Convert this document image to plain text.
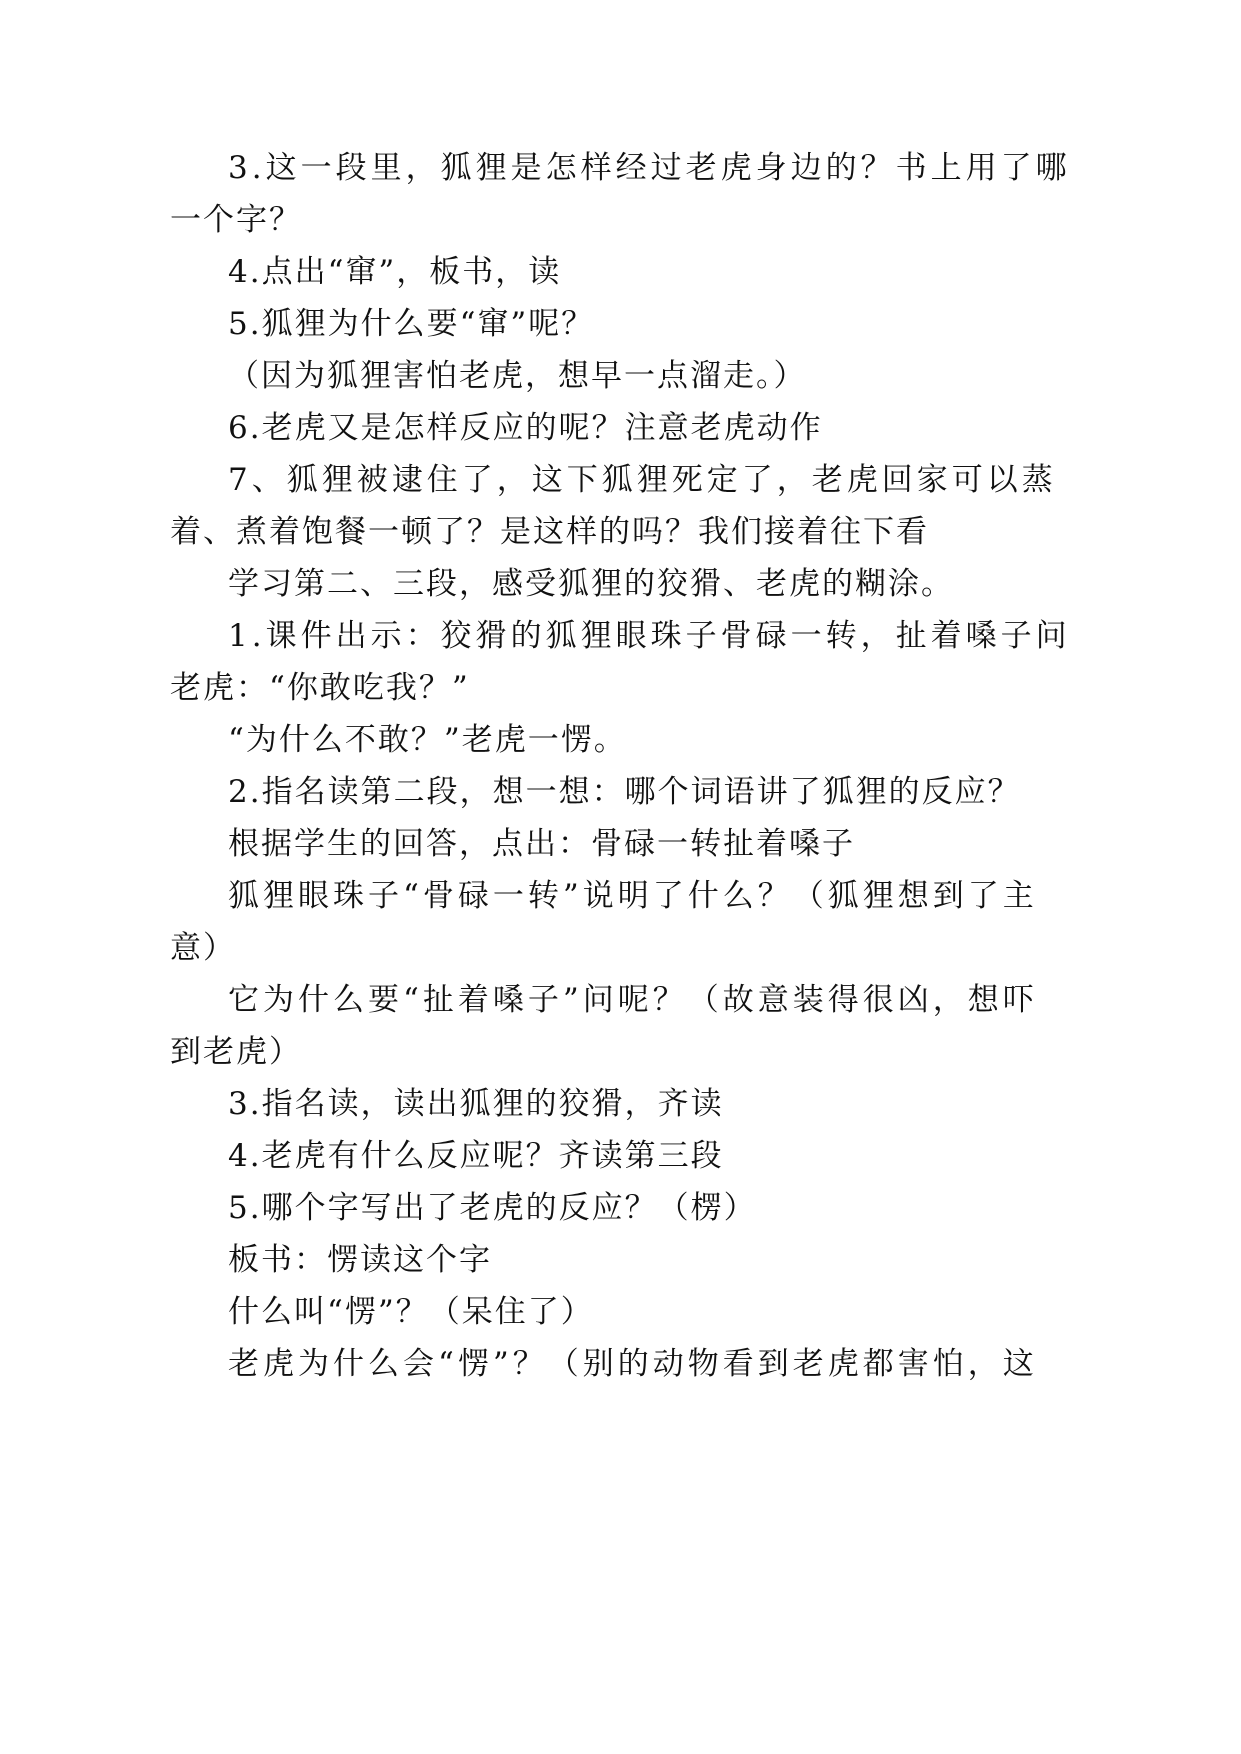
3.这一段里，狐狸是怎样经过老虎身边的？书上用了哪
一个字？
4.点出“窜”，板书，读
5.狐狸为什么要“窜”呢？
（因为狐狸害怕老虎，想早一点溜走。）
6.老虎又是怎样反应的呢？注意老虎动作
7、狐狸被逮住了，这下狐狸死定了，老虎回家可以蒸
着、煮着饱餐一顿了？是这样的吗？我们接着往下看
学习第二、三段，感受狐狸的狡猾、老虎的糊涂。
1.课件出示：狡猾的狐狸眼珠子骨碌一转，扯着嗓子问
老虎：“你敢吃我？”
“为什么不敢？”老虎一愣。
2.指名读第二段，想一想：哪个词语讲了狐狸的反应？
根据学生的回答，点出：骨碌一转扯着嗓子
狐狸眼珠子“骨碌一转”说明了什么？（狐狸想到了主
意）
它为什么要“扯着嗓子”问呢？（故意装得很凶，想吓
到老虎）
3.指名读，读出狐狸的狡猾，齐读
4.老虎有什么反应呢？齐读第三段
5.哪个字写出了老虎的反应？（楞）
板书：愣读这个字
什么叫“愣”？（呆住了）
老虎为什么会“愣”？（别的动物看到老虎都害怕，这
